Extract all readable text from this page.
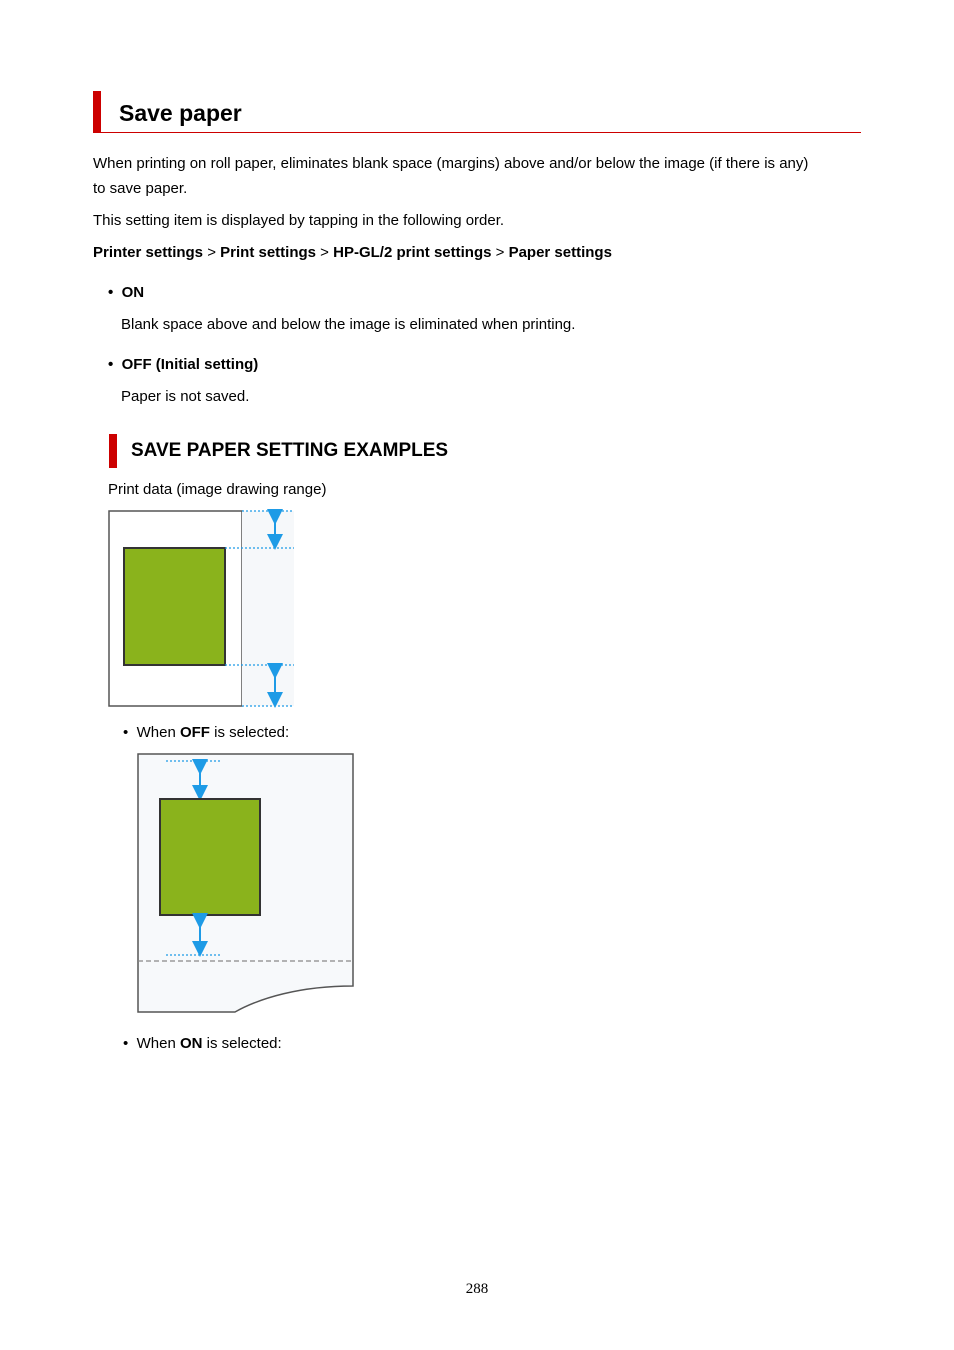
Save paper
When printing on roll paper, eliminates blank space (margins) above and/or below the image (if there is any)
to save paper.
This setting item is displayed by tapping in the following order.
Printer settings > Print settings > HP-GL/2 print settings > Paper settings
• ON
Blank space above and below the image is eliminated when printing.
• OFF (Initial setting)
Paper is not saved.
SAVE PAPER SETTING EXAMPLES
Print data (image drawing range)
• When OFF is selected:
• When ON is selected:
288
